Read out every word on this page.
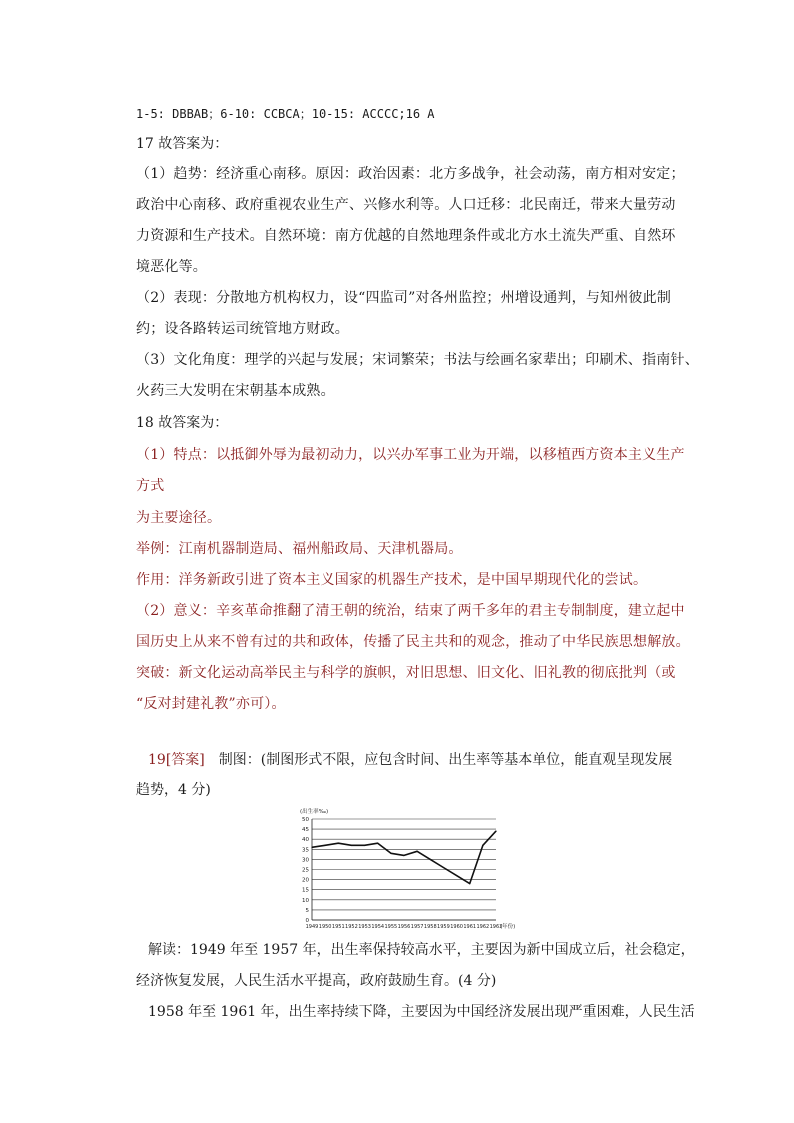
1-5: DBBAB；6-10: CCBCA；10-15: ACCCC;16 A
17 故答案为：
（1）趋势：经济重心南移。原因：政治因素：北方多战争，社会动荡，南方相对安定；
政治中心南移、政府重视农业生产、兴修水利等。人口迁移：北民南迁，带来大量劳动
力资源和生产技术。自然环境：南方优越的自然地理条件或北方水土流失严重、自然环
境恶化等。
（2）表现：分散地方机构权力，设“四监司”对各州监控；州增设通判，与知州彼此制
约；设各路转运司统管地方财政。
（3）文化角度：理学的兴起与发展；宋词繁荣；书法与绘画名家辈出；印刷术、指南针、
火药三大发明在宋朝基本成熟。
18 故答案为：
（1）特点：以抵御外辱为最初动力，以兴办军事工业为开端，以移植西方资本主义生产
方式
为主要途径。
举例：江南机器制造局、福州船政局、天津机器局。
作用：洋务新政引进了资本主义国家的机器生产技术，是中国早期现代化的尝试。
（2）意义：辛亥革命推翻了清王朝的统治，结束了两千多年的君主专制制度，建立起中
国历史上从来不曾有过的共和政体，传播了民主共和的观念，推动了中华民族思想解放。
突破：新文化运动高举民主与科学的旗帜，对旧思想、旧文化、旧礼教的彻底批判（或
“反对封建礼教”亦可）。
19[答案]　制图：(制图形式不限，应包含时间、出生率等基本单位，能直观呈现发展
趋势，4 分)
0
5
10
15
20
25
30
35
40
45
50
(出生率‰)
1949 1950 1951 1952 1953 1954 1955 1956 1957 1958 1959 1960 1961 1962 1963
(年份)
解读：1949 年至 1957 年，出生率保持较高水平，主要因为新中国成立后，社会稳定，
经济恢复发展，人民生活水平提高，政府鼓励生育。(4 分)
1958 年至 1961 年，出生率持续下降，主要因为中国经济发展出现严重困难，人民生活
